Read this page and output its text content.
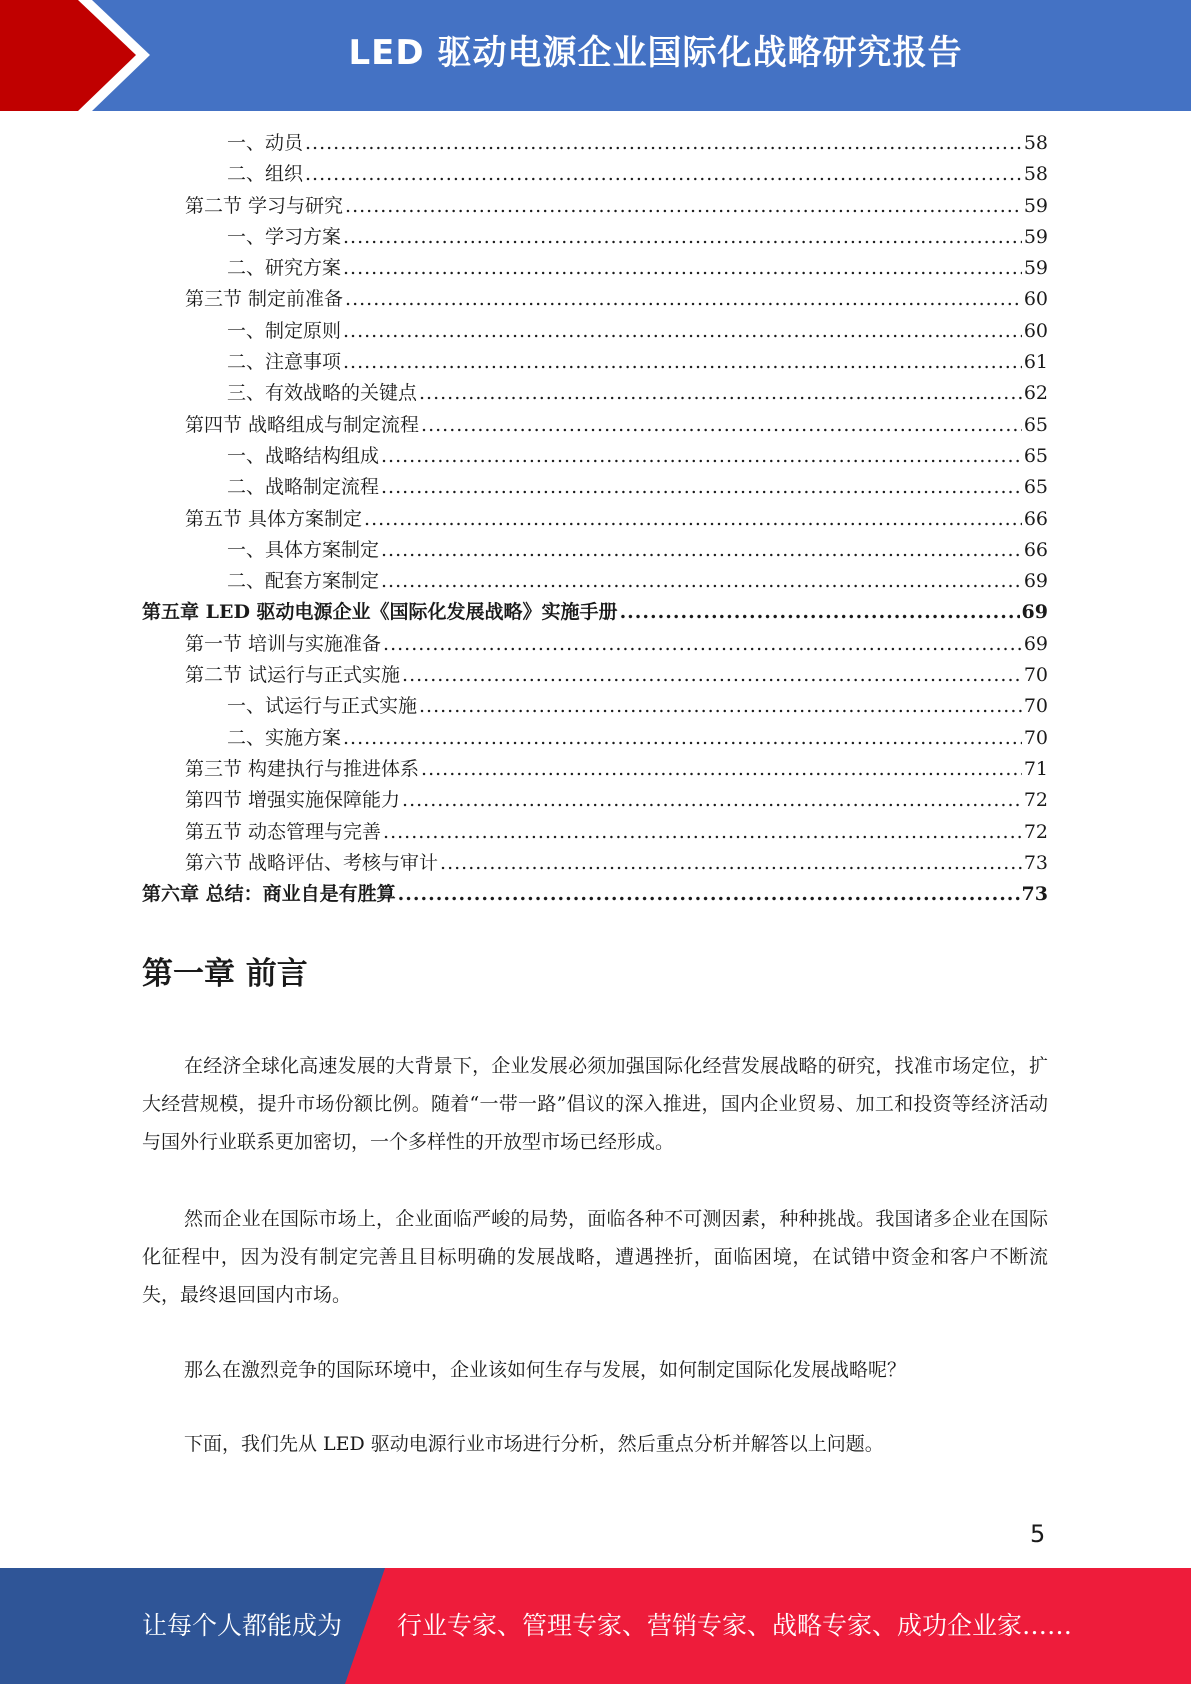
LED 驱动电源企业国际化战略研究报告
一、动员 .....	58
二、组织 .....	58
第二节 学习与研究 .....	59
一、学习方案 .....	59
二、研究方案 .....	59
第三节 制定前准备 .....	60
一、制定原则 .....	60
二、注意事项 .....	61
三、有效战略的关键点 .....	62
第四节 战略组成与制定流程 .....	65
一、战略结构组成 .....	65
二、战略制定流程 .....	65
第五节 具体方案制定 .....	66
一、具体方案制定 .....	66
二、配套方案制定 .....	69
第五章 LED 驱动电源企业《国际化发展战略》实施手册 .....	69
第一节 培训与实施准备 .....	69
第二节 试运行与正式实施 .....	70
一、试运行与正式实施 .....	70
二、实施方案 .....	70
第三节 构建执行与推进体系 .....	71
第四节 增强实施保障能力 .....	72
第五节 动态管理与完善 .....	72
第六节 战略评估、考核与审计 .....	73
第六章 总结：商业自是有胜算 .....	73
第一章 前言

在经济全球化高速发展的大背景下，企业发展必须加强国际化经营发展战略的研究，找准市场定位，扩大经营规模，提升市场份额比例。随着“一带一路”倡议的深入推进，国内企业贸易、加工和投资等经济活动与国外行业联系更加密切，一个多样性的开放型市场已经形成。

然而企业在国际市场上，企业面临严峻的局势，面临各种不可测因素，种种挑战。我国诸多企业在国际化征程中，因为没有制定完善且目标明确的发展战略，遭遇挫折，面临困境，在试错中资金和客户不断流失，最终退回国内市场。

那么在激烈竞争的国际环境中，企业该如何生存与发展，如何制定国际化发展战略呢？

下面，我们先从 LED 驱动电源行业市场进行分析，然后重点分析并解答以上问题。

5
让每个人都能成为 行业专家、管理专家、营销专家、战略专家、成功企业家……
